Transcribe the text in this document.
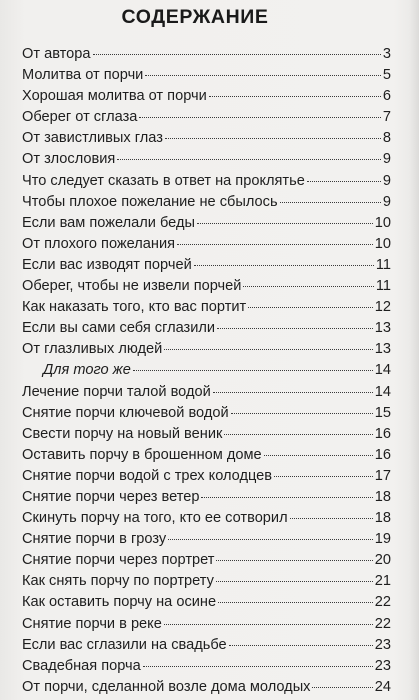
СОДЕРЖАНИЕ
От автора	3
Молитва от порчи	5
Хорошая молитва от порчи	6
Оберег от сглаза	7
От завистливых глаз	8
От злословия	9
Что следует сказать в ответ на проклятье	9
Чтобы плохое пожелание не сбылось	9
Если вам пожелали беды	10
От плохого пожелания	10
Если вас изводят порчей	11
Оберег, чтобы не извели порчей	11
Как наказать того, кто вас портит	12
Если вы сами себя сглазили	13
От глазливых людей	13
Для того же	14
Лечение порчи талой водой	14
Снятие порчи ключевой водой	15
Свести порчу на новый веник	16
Оставить порчу в брошенном доме	16
Снятие порчи водой с трех колодцев	17
Снятие порчи через ветер	18
Скинуть порчу на того, кто ее сотворил	18
Снятие порчи в грозу	19
Снятие порчи через портрет	20
Как снять порчу по портрету	21
Как оставить порчу на осине	22
Снятие порчи в реке	22
Если вас сглазили на свадьбе	23
Свадебная порча	23
От порчи, сделанной возле дома молодых	24
